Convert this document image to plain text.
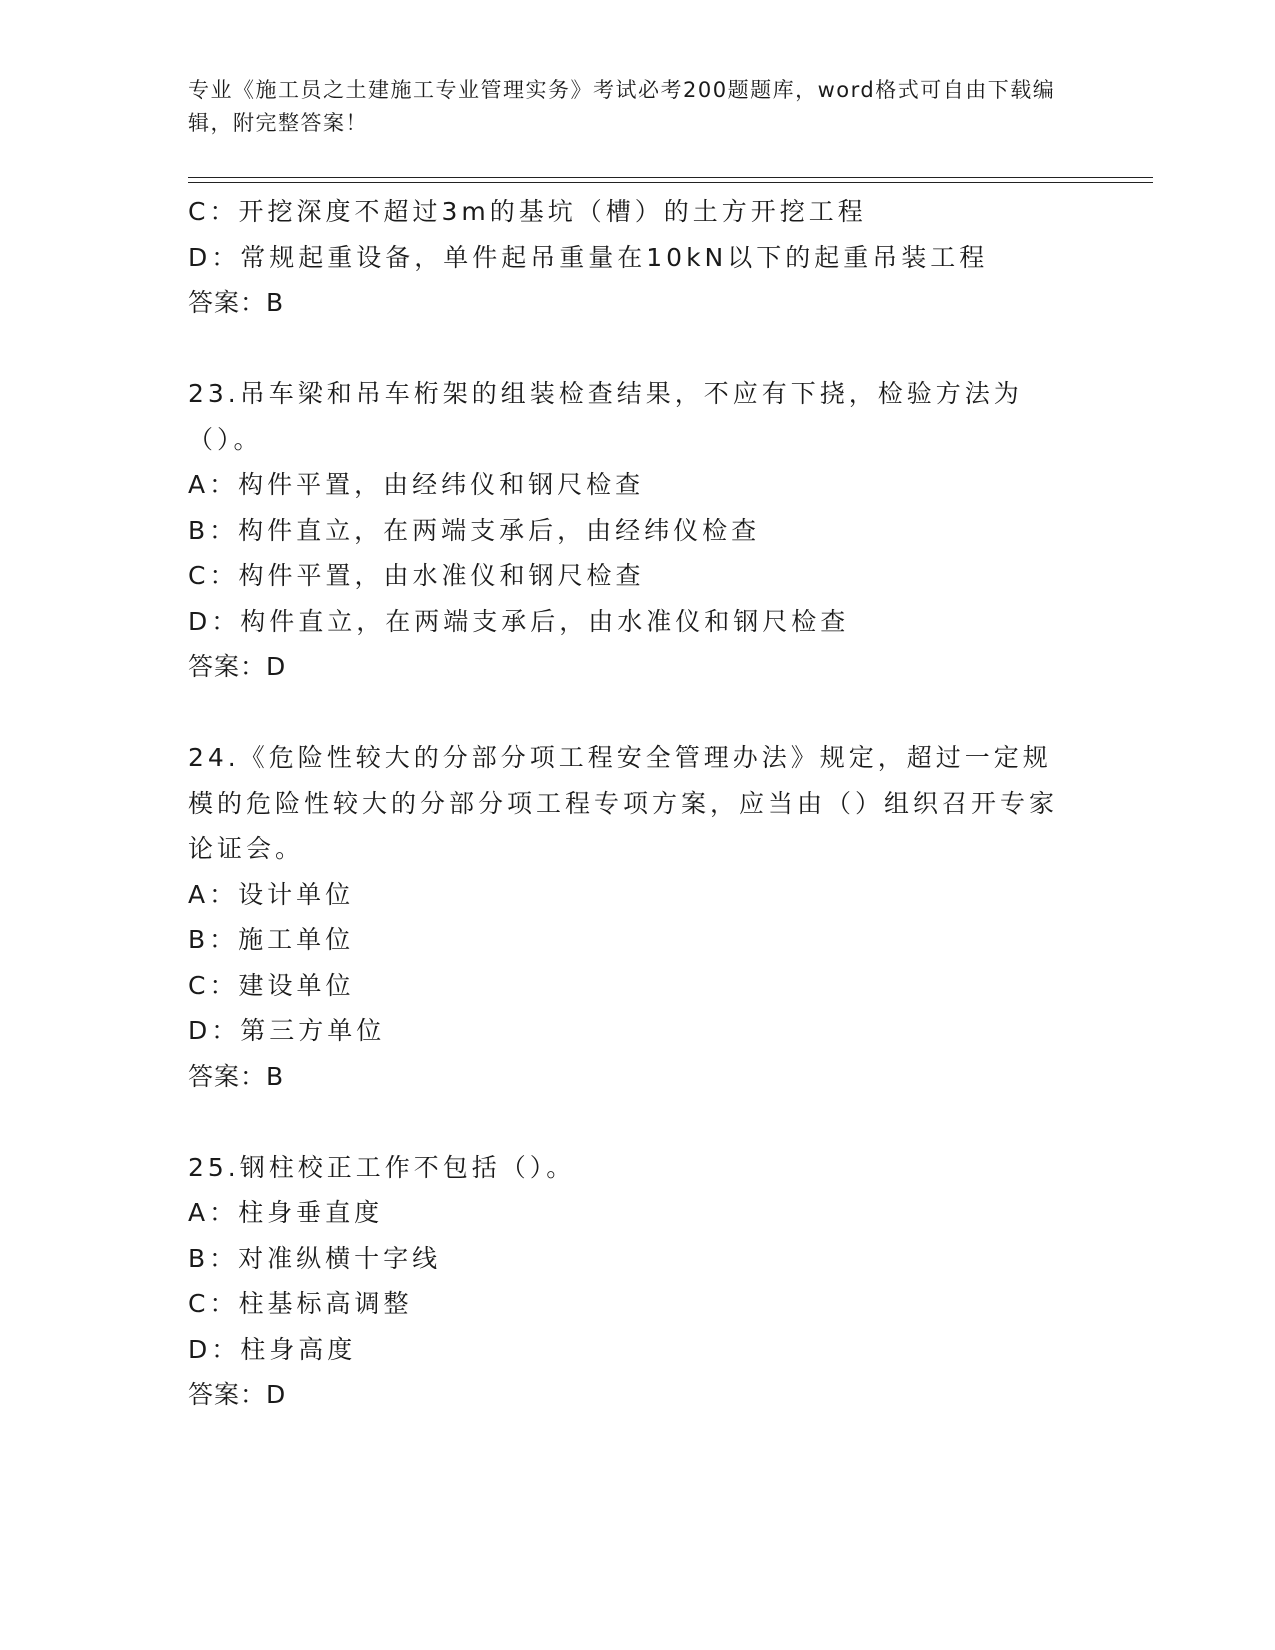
专业《施工员之土建施工专业管理实务》考试必考200题题库，word格式可自由下载编辑，附完整答案！
C：开挖深度不超过3m的基坑（槽）的土方开挖工程
D：常规起重设备，单件起吊重量在10kN以下的起重吊装工程
答案：B
23.吊车梁和吊车桁架的组装检查结果，不应有下挠，检验方法为（）。
A：构件平置，由经纬仪和钢尺检查
B：构件直立，在两端支承后，由经纬仪检查
C：构件平置，由水准仪和钢尺检查
D：构件直立，在两端支承后，由水准仪和钢尺检查
答案：D
24.《危险性较大的分部分项工程安全管理办法》规定，超过一定规模的危险性较大的分部分项工程专项方案，应当由（）组织召开专家论证会。
A：设计单位
B：施工单位
C：建设单位
D：第三方单位
答案：B
25.钢柱校正工作不包括（）。
A：柱身垂直度
B：对准纵横十字线
C：柱基标高调整
D：柱身高度
答案：D
